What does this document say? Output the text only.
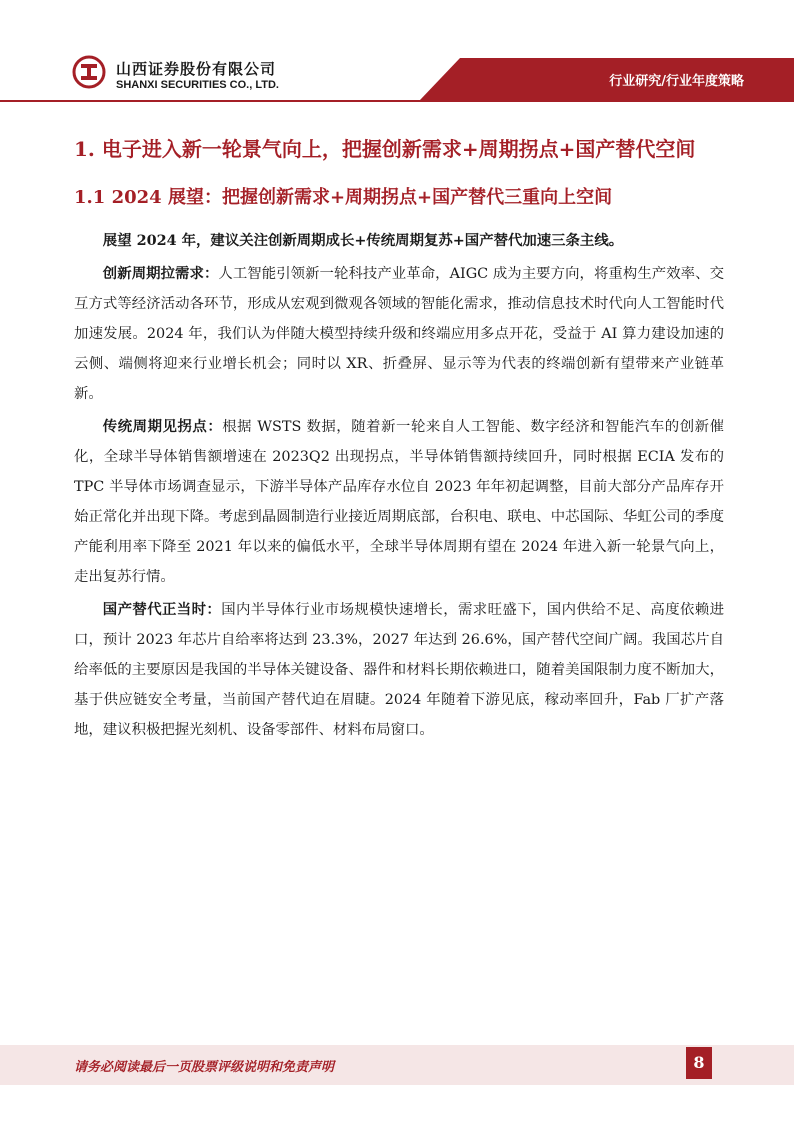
山西证券股份有限公司
SHANXI SECURITIES CO., LTD.	行业研究/行业年度策略
1. 电子进入新一轮景气向上，把握创新需求+周期拐点+国产替代空间
1.1 2024 展望：把握创新需求+周期拐点+国产替代三重向上空间

展望 2024 年，建议关注创新周期成长+传统周期复苏+国产替代加速三条主线。

创新周期拉需求：人工智能引领新一轮科技产业革命，AIGC 成为主要方向，将重构生产效率、交互方式等经济活动各环节，形成从宏观到微观各领域的智能化需求，推动信息技术时代向人工智能时代加速发展。2024 年，我们认为伴随大模型持续升级和终端应用多点开花，受益于 AI 算力建设加速的云侧、端侧将迎来行业增长机会；同时以 XR、折叠屏、显示等为代表的终端创新有望带来产业链革新。

传统周期见拐点：根据 WSTS 数据，随着新一轮来自人工智能、数字经济和智能汽车的创新催化，全球半导体销售额增速在 2023Q2 出现拐点，半导体销售额持续回升，同时根据 ECIA 发布的 TPC 半导体市场调查显示，下游半导体产品库存水位自 2023 年年初起调整，目前大部分产品库存开始正常化并出现下降。考虑到晶圆制造行业接近周期底部，台积电、联电、中芯国际、华虹公司的季度产能利用率下降至 2021 年以来的偏低水平，全球半导体周期有望在 2024 年进入新一轮景气向上，走出复苏行情。

国产替代正当时：国内半导体行业市场规模快速增长，需求旺盛下，国内供给不足、高度依赖进口，预计 2023 年芯片自给率将达到 23.3%，2027 年达到 26.6%，国产替代空间广阔。我国芯片自给率低的主要原因是我国的半导体关键设备、器件和材料长期依赖进口，随着美国限制力度不断加大，基于供应链安全考量，当前国产替代迫在眉睫。2024 年随着下游见底，稼动率回升，Fab 厂扩产落地，建议积极把握光刻机、设备零部件、材料布局窗口。

请务必阅读最后一页股票评级说明和免责声明	8
